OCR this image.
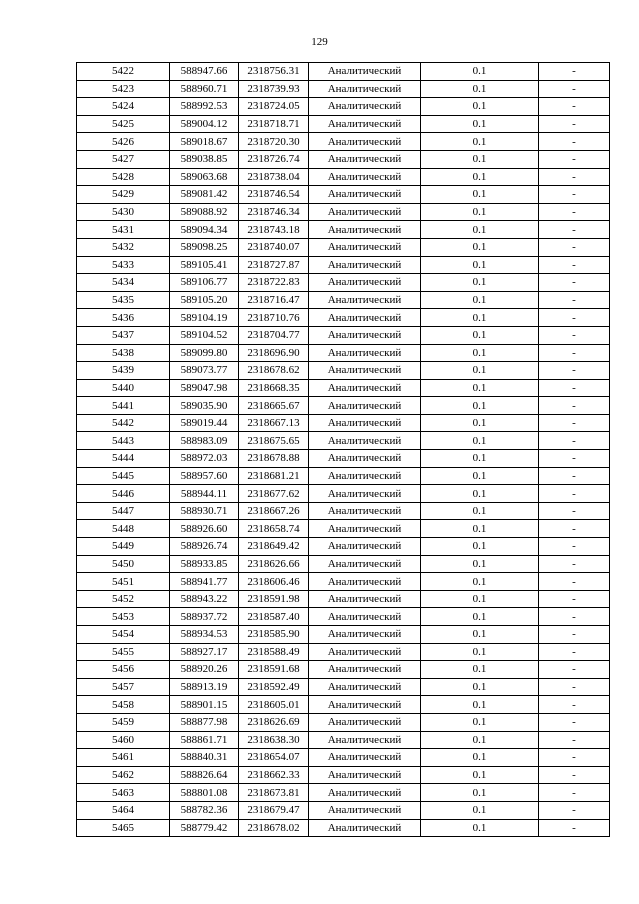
129
5422	588947.66	2318756.31	Аналитический	0.1	-
5423	588960.71	2318739.93	Аналитический	0.1	-
5424	588992.53	2318724.05	Аналитический	0.1	-
5425	589004.12	2318718.71	Аналитический	0.1	-
5426	589018.67	2318720.30	Аналитический	0.1	-
5427	589038.85	2318726.74	Аналитический	0.1	-
5428	589063.68	2318738.04	Аналитический	0.1	-
5429	589081.42	2318746.54	Аналитический	0.1	-
5430	589088.92	2318746.34	Аналитический	0.1	-
5431	589094.34	2318743.18	Аналитический	0.1	-
5432	589098.25	2318740.07	Аналитический	0.1	-
5433	589105.41	2318727.87	Аналитический	0.1	-
5434	589106.77	2318722.83	Аналитический	0.1	-
5435	589105.20	2318716.47	Аналитический	0.1	-
5436	589104.19	2318710.76	Аналитический	0.1	-
5437	589104.52	2318704.77	Аналитический	0.1	-
5438	589099.80	2318696.90	Аналитический	0.1	-
5439	589073.77	2318678.62	Аналитический	0.1	-
5440	589047.98	2318668.35	Аналитический	0.1	-
5441	589035.90	2318665.67	Аналитический	0.1	-
5442	589019.44	2318667.13	Аналитический	0.1	-
5443	588983.09	2318675.65	Аналитический	0.1	-
5444	588972.03	2318678.88	Аналитический	0.1	-
5445	588957.60	2318681.21	Аналитический	0.1	-
5446	588944.11	2318677.62	Аналитический	0.1	-
5447	588930.71	2318667.26	Аналитический	0.1	-
5448	588926.60	2318658.74	Аналитический	0.1	-
5449	588926.74	2318649.42	Аналитический	0.1	-
5450	588933.85	2318626.66	Аналитический	0.1	-
5451	588941.77	2318606.46	Аналитический	0.1	-
5452	588943.22	2318591.98	Аналитический	0.1	-
5453	588937.72	2318587.40	Аналитический	0.1	-
5454	588934.53	2318585.90	Аналитический	0.1	-
5455	588927.17	2318588.49	Аналитический	0.1	-
5456	588920.26	2318591.68	Аналитический	0.1	-
5457	588913.19	2318592.49	Аналитический	0.1	-
5458	588901.15	2318605.01	Аналитический	0.1	-
5459	588877.98	2318626.69	Аналитический	0.1	-
5460	588861.71	2318638.30	Аналитический	0.1	-
5461	588840.31	2318654.07	Аналитический	0.1	-
5462	588826.64	2318662.33	Аналитический	0.1	-
5463	588801.08	2318673.81	Аналитический	0.1	-
5464	588782.36	2318679.47	Аналитический	0.1	-
5465	588779.42	2318678.02	Аналитический	0.1	-
